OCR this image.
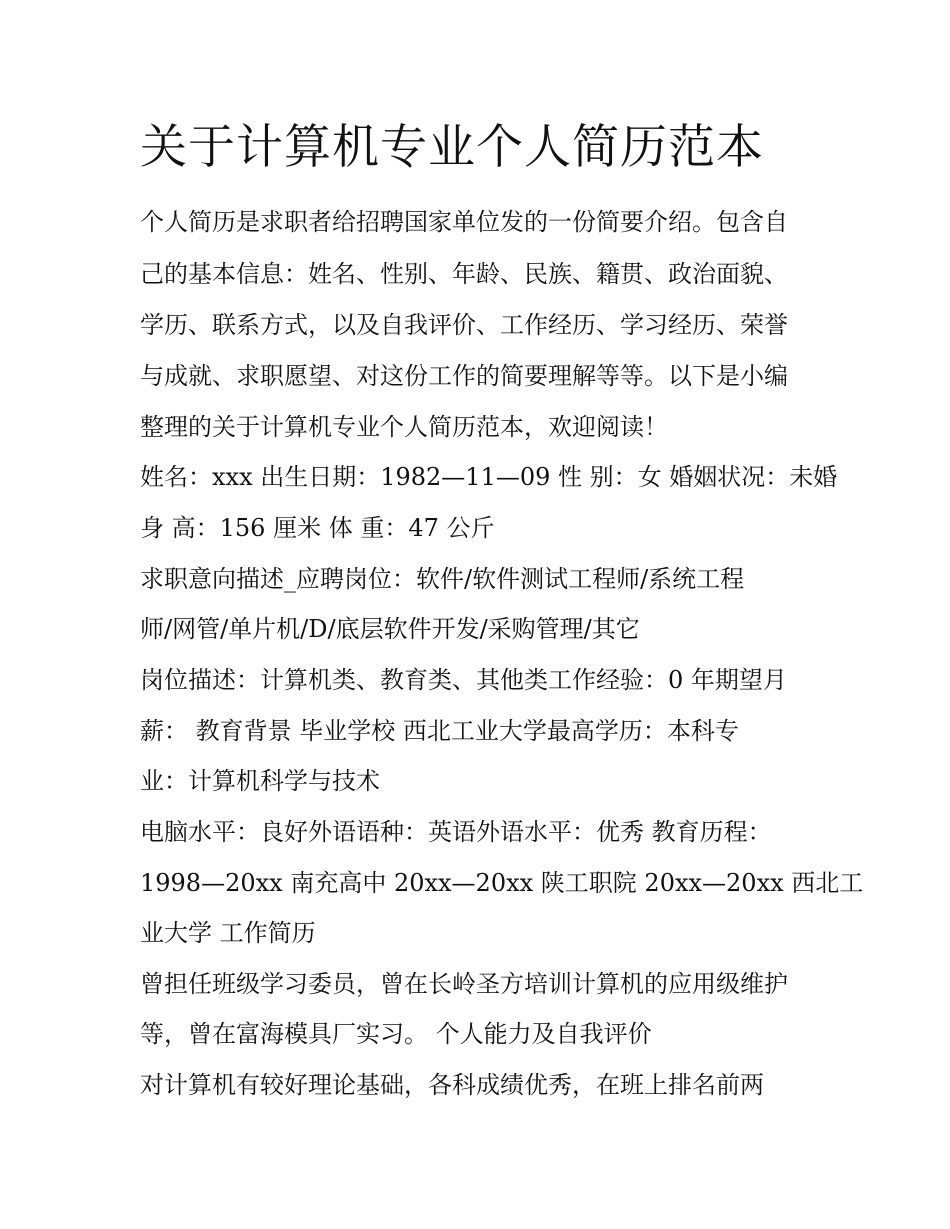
关于计算机专业个人简历范本

个人简历是求职者给招聘国家单位发的一份简要介绍。包含自

己的基本信息：姓名、性别、年龄、民族、籍贯、政治面貌、

学历、联系方式，以及自我评价、工作经历、学习经历、荣誉

与成就、求职愿望、对这份工作的简要理解等等。以下是小编

整理的关于计算机专业个人简历范本，欢迎阅读！

姓名：xxx 出生日期：1982—11—09 性 别：女 婚姻状况：未婚

身 高：156 厘米 体 重：47 公斤

求职意向描述_应聘岗位：软件/软件测试工程师/系统工程

师/网管/单片机/D/底层软件开发/采购管理/其它

岗位描述：计算机类、教育类、其他类工作经验：0 年期望月

薪： 教育背景 毕业学校 西北工业大学最高学历：本科专

业：计算机科学与技术

电脑水平：良好外语语种：英语外语水平：优秀 教育历程：

1998—20xx 南充高中 20xx—20xx 陕工职院 20xx—20xx 西北工

业大学 工作简历

曾担任班级学习委员，曾在长岭圣方培训计算机的应用级维护

等，曾在富海模具厂实习。 个人能力及自我评价

对计算机有较好理论基础，各科成绩优秀，在班上排名前两
